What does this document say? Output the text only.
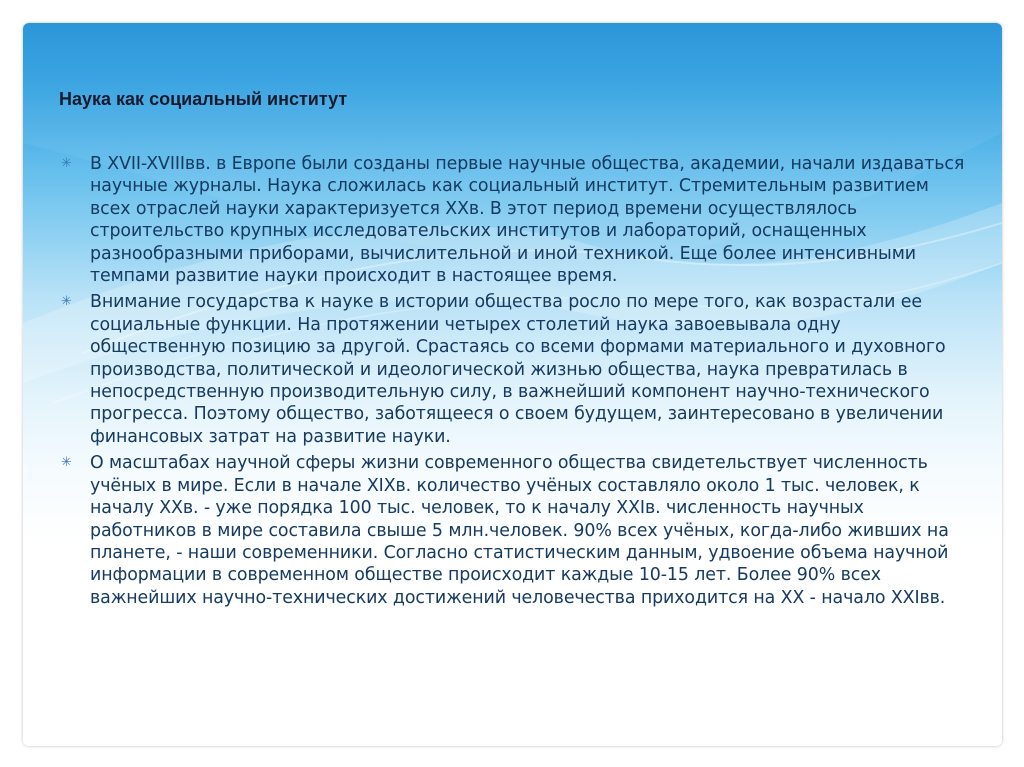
Наука как социальный институт
✳ В XVII-XVIIIвв. в Европе были созданы первые научные общества, академии, начали издаваться научные журналы. Наука сложилась как социальный институт. Стремительным развитием всех отраслей науки характеризуется XXв. В этот период времени осуществлялось строительство крупных исследовательских институтов и лабораторий, оснащенных разнообразными приборами, вычислительной и иной техникой. Еще более интенсивными темпами развитие науки происходит в настоящее время.
✳ Внимание государства к науке в истории общества росло по мере того, как возрастали ее социальные функции. На протяжении четырех столетий наука завоевывала одну общественную позицию за другой. Срастаясь со всеми формами материального и духовного производства, политической и идеологической жизнью общества, наука превратилась в непосредственную производительную силу, в важнейший компонент научно-технического прогресса. Поэтому общество, заботящееся о своем будущем, заинтересовано в увеличении финансовых затрат на развитие науки.
✳ О масштабах научной сферы жизни современного общества свидетельствует численность учёных в мире. Если в начале XIXв. количество учёных составляло около 1 тыс. человек, к началу XXв. - уже порядка 100 тыс. человек, то к началу XXIв. численность научных работников в мире составила свыше 5 млн.человек. 90% всех учёных, когда-либо живших на планете, - наши современники. Согласно статистическим данным, удвоение объема научной информации в современном обществе происходит каждые 10-15 лет. Более 90% всех важнейших научно-технических достижений человечества приходится на XX - начало XXIвв.
